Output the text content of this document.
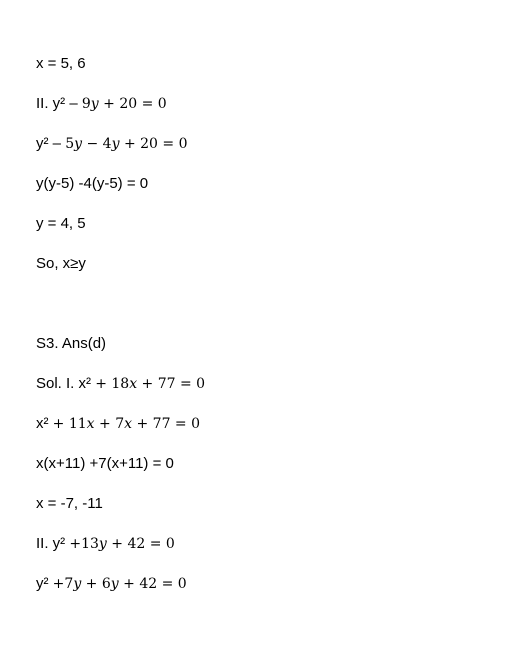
x = 5, 6
II. y² – 9y + 20 = 0
y² – 5y − 4y + 20 = 0
y(y-5) -4(y-5) = 0
y = 4, 5
So, x≥y
S3. Ans(d)
Sol. I. x² + 18x + 77 = 0
x² + 11x + 7x + 77 = 0
x(x+11) +7(x+11) = 0
x = -7, -11
II. y² +13y + 42 = 0
y² +7y + 6y + 42 = 0
